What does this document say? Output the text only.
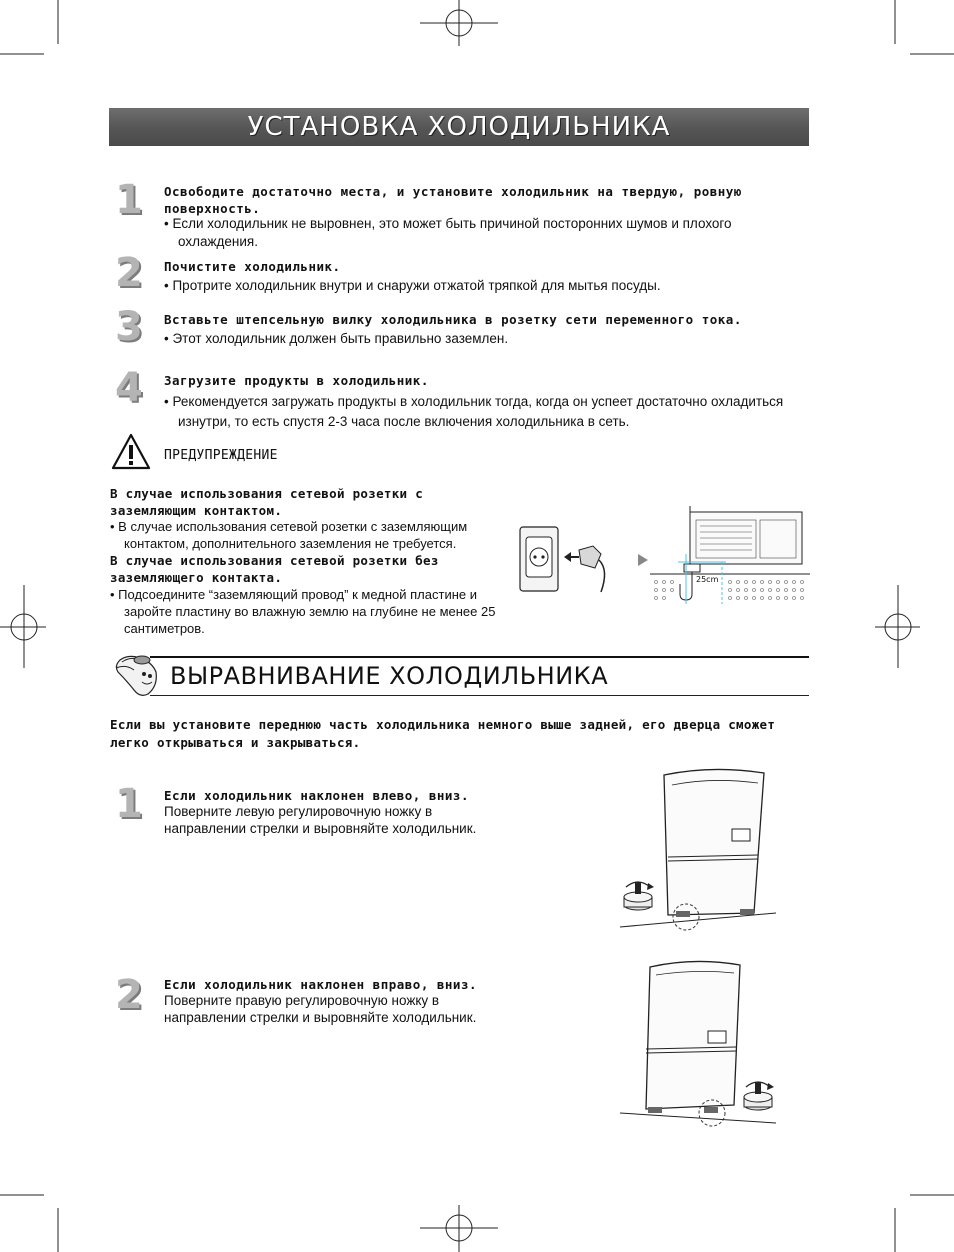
УСТАНОВКА ХОЛОДИЛЬНИКА
1 Освободите достаточно места, и установите холодильник на твердую, ровную поверхность.
• Если холодильник не выровнен, это может быть причиной посторонних шумов и плохого охлаждения.
2 Почистите холодильник.
• Протрите холодильник внутри и снаружи отжатой тряпкой для мытья посуды.
3 Вставьте штепсельную вилку холодильника в розетку сети переменного тока.
• Этот холодильник должен быть правильно заземлен.
4 Загрузите продукты в холодильник.
• Рекомендуется загружать продукты в холодильник тогда, когда он успеет достаточно охладиться изнутри, то есть спустя 2-3 часа после включения холодильника в сеть.
ПРЕДУПРЕЖДЕНИЕ
В случае использования сетевой розетки с заземляющим контактом.
• В случае использования сетевой розетки с заземляющим контактом, дополнительного заземления не требуется.
В случае использования сетевой розетки без заземляющего контакта.
• Подсоедините “заземляющий провод” к медной пластине и заройте пластину во влажную землю на глубине не менее 25 сантиметров.
25cm
ВЫРАВНИВАНИЕ ХОЛОДИЛЬНИКА
Если вы установите переднюю часть холодильника немного выше задней, его дверца сможет легко открываться и закрываться.
1 Если холодильник наклонен влево, вниз.
Поверните левую регулировочную ножку в направлении стрелки и выровняйте холодильник.
2 Если холодильник наклонен вправо, вниз.
Поверните правую регулировочную ножку в направлении стрелки и выровняйте холодильник.
